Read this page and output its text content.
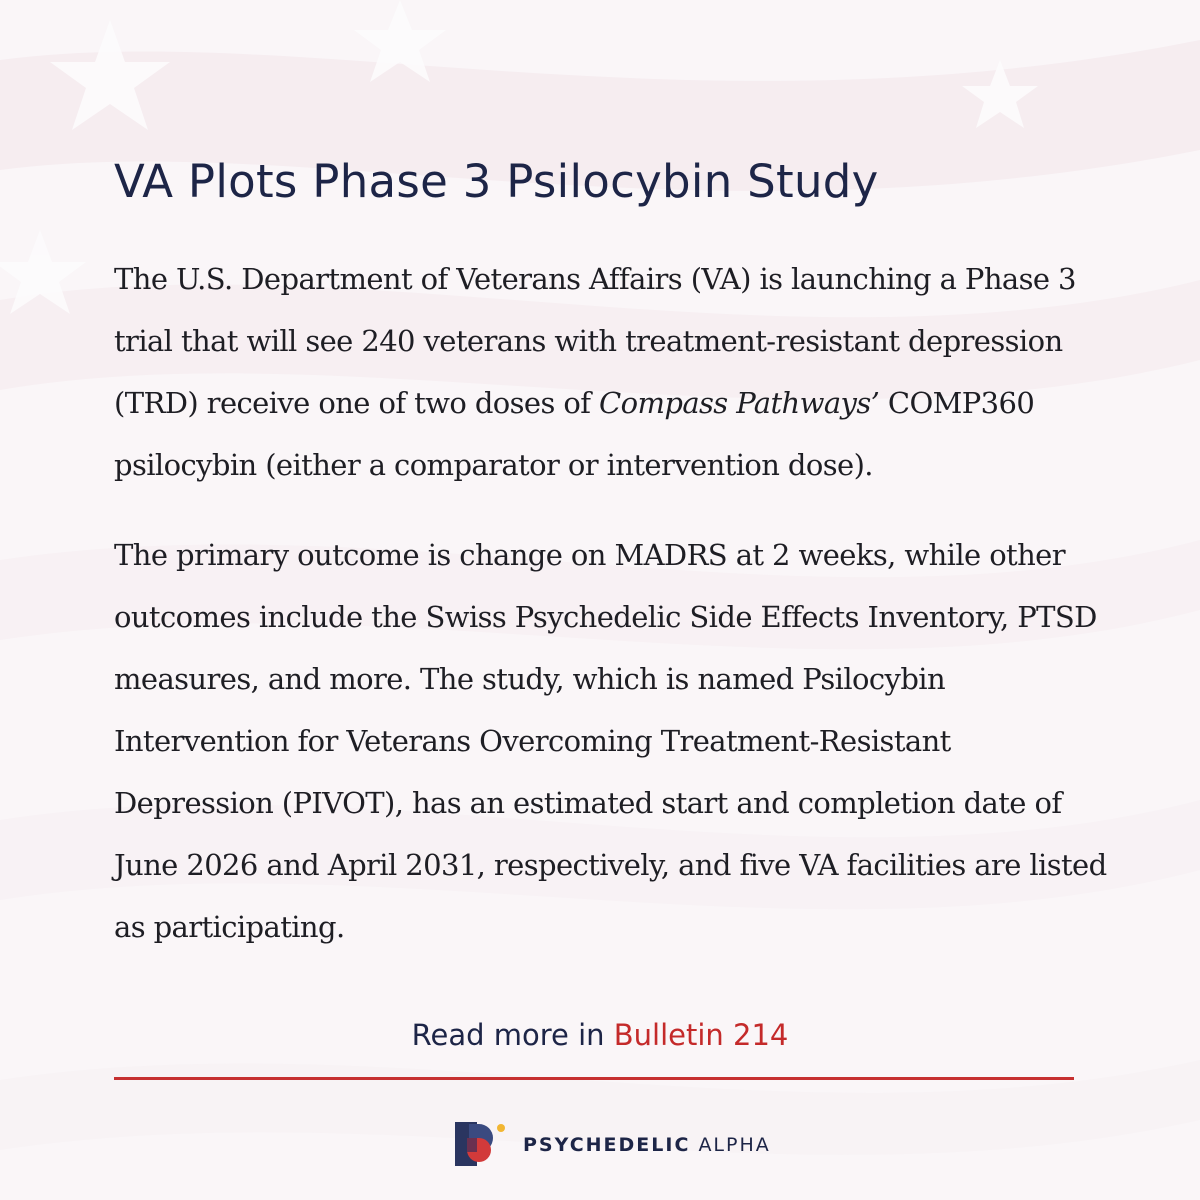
VA Plots Phase 3 Psilocybin Study

The U.S. Department of Veterans Affairs (VA) is launching a Phase 3
trial that will see 240 veterans with treatment-resistant depression
(TRD) receive one of two doses of Compass Pathways’ COMP360
psilocybin (either a comparator or intervention dose).

The primary outcome is change on MADRS at 2 weeks, while other
outcomes include the Swiss Psychedelic Side Effects Inventory, PTSD
measures, and more. The study, which is named Psilocybin
Intervention for Veterans Overcoming Treatment-Resistant
Depression (PIVOT), has an estimated start and completion date of
June 2026 and April 2031, respectively, and five VA facilities are listed
as participating.

Read more in Bulletin 214
PSYCHEDELIC ALPHA
